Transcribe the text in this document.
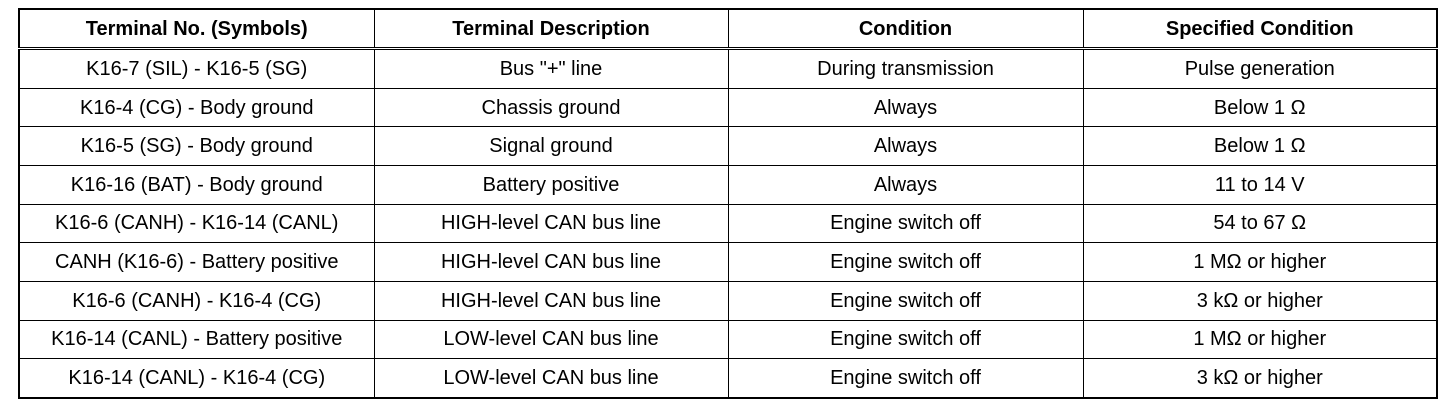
Terminal No. (Symbols)	Terminal Description	Condition	Specified Condition
K16-7 (SIL) - K16-5 (SG)	Bus "+" line	During transmission	Pulse generation
K16-4 (CG) - Body ground	Chassis ground	Always	Below 1 Ω
K16-5 (SG) - Body ground	Signal ground	Always	Below 1 Ω
K16-16 (BAT) - Body ground	Battery positive	Always	11 to 14 V
K16-6 (CANH) - K16-14 (CANL)	HIGH-level CAN bus line	Engine switch off	54 to 67 Ω
CANH (K16-6) - Battery positive	HIGH-level CAN bus line	Engine switch off	1 MΩ or higher
K16-6 (CANH) - K16-4 (CG)	HIGH-level CAN bus line	Engine switch off	3 kΩ or higher
K16-14 (CANL) - Battery positive	LOW-level CAN bus line	Engine switch off	1 MΩ or higher
K16-14 (CANL) - K16-4 (CG)	LOW-level CAN bus line	Engine switch off	3 kΩ or higher
